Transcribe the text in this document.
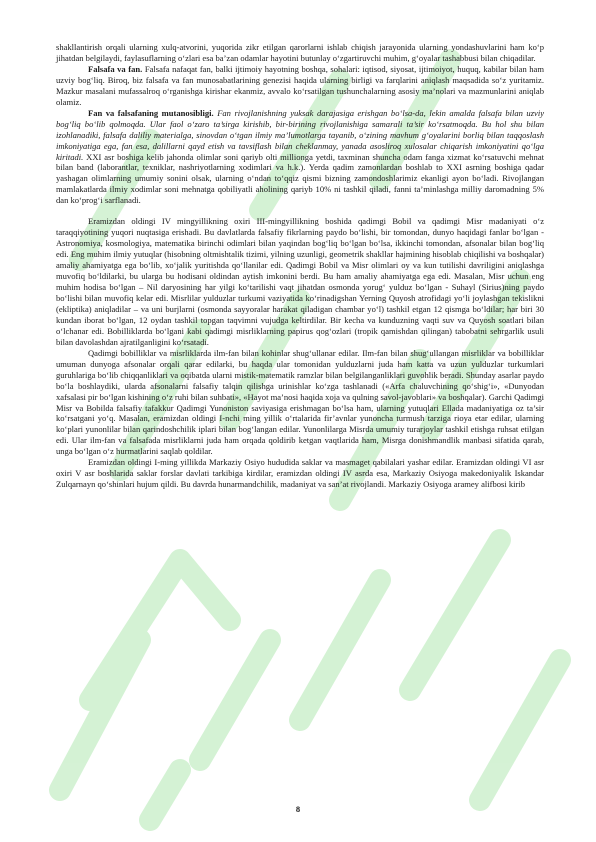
shakllantirish orqali ularning xulq-atvorini, yuqorida zikr etilgan qarorlarni ishlab chiqish jarayonida ularning yondashuvlarini ham ko‘p jihatdan belgilaydi, faylasuflarning o‘zlari esa ba’zan odamlar hayotini butunlay o‘zgartiruvchi muhim, g‘oyalar tashabbusi bilan chiqadilar.

Falsafa va fan. Falsafa nafaqat fan, balki ijtimoiy hayotning boshqa, sohalari: iqtisod, siyosat, ijtimoiyot, huquq, kabilar bilan ham uzviy bog‘liq. Biroq, biz falsafa va fan munosabatlarining genezisi haqida ularning birligi va farqlarini aniqlash maqsadida so‘z yuritamiz. Mazkur masalani mufassalroq o‘rganishga kirishar ekanmiz, avvalo ko‘rsatilgan tushunchalarning asosiy ma’nolari va mazmunlarini aniqlab olamiz.

Fan va falsafaning mutanosibligi. Fan rivojlanishning yuksak darajasiga erishgan bo‘lsa-da, lekin amalda falsafa bilan uzviy bog‘liq bo‘lib qolmoqda. Ular faol o‘zaro ta’sirga kirishib, bir-birining rivojlanishiga samarali ta’sir ko‘rsatmoqda. Bu hol shu bilan izohlanadiki, falsafa daliliy materialga, sinovdan o‘tgan ilmiy ma’lumotlarga tayanib, o‘zining mavhum g‘oyalarini borliq bilan taqqoslash imkoniyatiga ega, fan esa, dalillarni qayd etish va tavsiflash bilan cheklanmay, yanada asosliroq xulosalar chiqarish imkoniyatini qo‘lga kiritadi. XXI asr boshiga kelib jahonda olimlar soni qariyb olti millionga yetdi, taxminan shuncha odam fanga xizmat ko‘rsatuvchi mehnat bilan band (laborantlar, texniklar, nashriyotlarning xodimlari va h.k.). Yerda qadim zamonlardan boshlab to XXI asrning boshiga qadar yashagan olimlarning umumiy sonini olsak, ularning o‘ndan to‘qqiz qismi bizning zamondoshlarimiz ekanligi ayon bo‘ladi. Rivojlangan mamlakatlarda ilmiy xodimlar soni mehnatga qobiliyatli aholining qariyb 10% ni tashkil qiladi, fanni ta’minlashga milliy daromadning 5% dan ko‘prog‘i sarflanadi.

Eramizdan oldingi IV mingyillikning oxiri III-mingyillikning boshida qadimgi Bobil va qadimgi Misr madaniyati o‘z taraqqiyotining yuqori nuqtasiga erishadi. Bu davlatlarda falsafiy fikrlarning paydo bo‘lishi, bir tomondan, dunyo haqidagi fanlar bo‘lgan - Astronomiya, kosmologiya, matematika birinchi odimlari bilan yaqindan bog‘liq bo‘lgan bo‘lsa, ikkinchi tomondan, afsonalar bilan bog‘liq edi. Eng muhim ilmiy yutuqlar (hisobning oltmishtalik tizimi, yilning uzunligi, geometrik shakllar hajmining hisoblab chiqilishi va boshqalar) amaliy ahamiyatga ega bo‘lib, xo‘jalik yuritishda qo‘llanilar edi. Qadimgi Bobil va Misr olimlari oy va kun tutilishi davriligini aniqlashga muvofiq bo‘ldilarki, bu ularga bu hodisani oldindan aytish imkonini berdi. Bu ham amaliy ahamiyatga ega edi. Masalan, Misr uchun eng muhim hodisa bo‘lgan – Nil daryosining har yilgi ko‘tarilishi vaqt jihatdan osmonda yorug‘ yulduz bo‘lgan - Suhayl (Sirius)ning paydo bo‘lishi bilan muvofiq kelar edi. Misrlilar yulduzlar turkumi vaziyatida ko‘rinadigshan Yerning Quyosh atrofidagi yo‘li joylashgan tekislikni (ekliptika) aniqladilar – va uni burjlarni (osmonda sayyoralar harakat qiladigan chambar yo‘l) tashkil etgan 12 qismga bo‘ldilar; har biri 30 kundan iborat bo‘lgan, 12 oydan tashkil topgan taqvimni vujudga keltirdilar. Bir kecha va kunduzning vaqti suv va Quyosh soatlari bilan o‘lchanar edi. Bobilliklarda bo‘lgani kabi qadimgi misrliklarning papirus qog‘ozlari (tropik qamishdan qilingan) tabobatni sehrgarlik usuli bilan davolashdan ajratilganligini ko‘rsatadi.

Qadimgi bobilliklar va misrliklarda ilm-fan bilan kohinlar shug‘ullanar edilar. Ilm-fan bilan shug‘ullangan misrliklar va bobilliklar umuman dunyoga afsonalar orqali qarar edilarki, bu haqda ular tomonidan yulduzlarni juda ham katta va uzun yulduzlar turkumlari guruhlariga bo‘lib chiqqanliklari va oqibatda ularni mistik-matematik ramzlar bilan belgilanganliklari guvohlik beradi. Shunday asarlar paydo bo‘la boshlaydiki, ularda afsonalarni falsafiy talqin qilishga urinishlar ko‘zga tashlanadi («Arfa chaluvchining qo‘shig‘i», «Dunyodan xafsalasi pir bo‘lgan kishining o‘z ruhi bilan suhbati», «Hayot ma’nosi haqida xoja va qulning savol-javoblari» va boshqalar). Garchi Qadimgi Misr va Bobilda falsafiy tafakkur Qadimgi Yunoniston saviyasiga erishmagan bo‘lsa ham, ularning yutuqlari Ellada madaniyatiga oz ta’sir ko‘rsatgani yo‘q. Masalan, eramizdan oldingi I-nchi ming yillik o‘rtalarida fir’avnlar yunoncha turmush tarziga rioya etar edilar, ularning ko‘plari yunonlilar bilan qarindoshchilik iplari bilan bog‘langan edilar. Yunonlilarga Misrda umumiy turarjoylar tashkil etishga ruhsat etilgan edi. Ular ilm-fan va falsafada misrliklarni juda ham orqada qoldirib ketgan vaqtlarida ham, Misrga donishmandlik manbasi sifatida qarab, unga bo‘lgan o‘z hurmatlarini saqlab qoldilar.

Eramizdan oldingi I-ming yillikda Markaziy Osiyo hududida saklar va masmaget qabilalari yashar edilar. Eramizdan oldingi VI asr oxiri V asr boshlarida saklar forslar davlati tarkibiga kirdilar, eramizdan oldingi IV asrda esa, Markaziy Osiyoga makedoniyalik Iskandar Zulqarnayn qo‘shinlari hujum qildi. Bu davrda hunarmandchilik, madaniyat va san’at rivojlandi. Markaziy Osiyoga aramey alifbosi kirib

8
